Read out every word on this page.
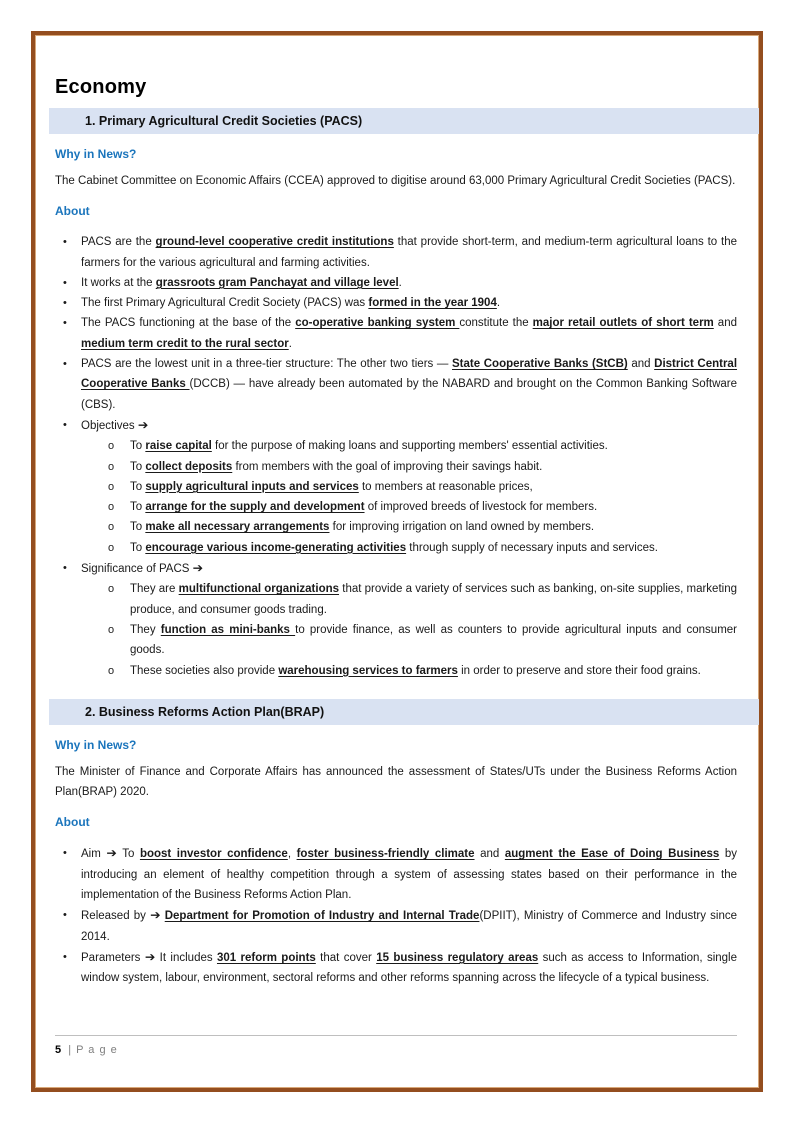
Economy
1. Primary Agricultural Credit Societies (PACS)
Why in News?

The Cabinet Committee on Economic Affairs (CCEA) approved to digitise around 63,000 Primary Agricultural Credit Societies (PACS).

About
• PACS are the ground-level cooperative credit institutions that provide short-term, and medium-term agricultural loans to the farmers for the various agricultural and farming activities.
• It works at the grassroots gram Panchayat and village level.
• The first Primary Agricultural Credit Society (PACS) was formed in the year 1904.
• The PACS functioning at the base of the co-operative banking system constitute the major retail outlets of short term and medium term credit to the rural sector.
• PACS are the lowest unit in a three-tier structure: The other two tiers — State Cooperative Banks (StCB) and District Central Cooperative Banks (DCCB) — have already been automated by the NABARD and brought on the Common Banking Software (CBS).
• Objectives ➔
o To raise capital for the purpose of making loans and supporting members' essential activities.
o To collect deposits from members with the goal of improving their savings habit.
o To supply agricultural inputs and services to members at reasonable prices,
o To arrange for the supply and development of improved breeds of livestock for members.
o To make all necessary arrangements for improving irrigation on land owned by members.
o To encourage various income-generating activities through supply of necessary inputs and services.
• Significance of PACS ➔
o They are multifunctional organizations that provide a variety of services such as banking, on-site supplies, marketing produce, and consumer goods trading.
o They function as mini-banks to provide finance, as well as counters to provide agricultural inputs and consumer goods.
o These societies also provide warehousing services to farmers in order to preserve and store their food grains.
2. Business Reforms Action Plan(BRAP)
Why in News?

The Minister of Finance and Corporate Affairs has announced the assessment of States/UTs under the Business Reforms Action Plan(BRAP) 2020.

About
• Aim ➔ To boost investor confidence, foster business-friendly climate and augment the Ease of Doing Business by introducing an element of healthy competition through a system of assessing states based on their performance in the implementation of the Business Reforms Action Plan.
• Released by ➔ Department for Promotion of Industry and Internal Trade(DPIIT), Ministry of Commerce and Industry since 2014.
• Parameters ➔ It includes 301 reform points that cover 15 business regulatory areas such as access to Information, single window system, labour, environment, sectoral reforms and other reforms spanning across the lifecycle of a typical business.
5 | P a g e
